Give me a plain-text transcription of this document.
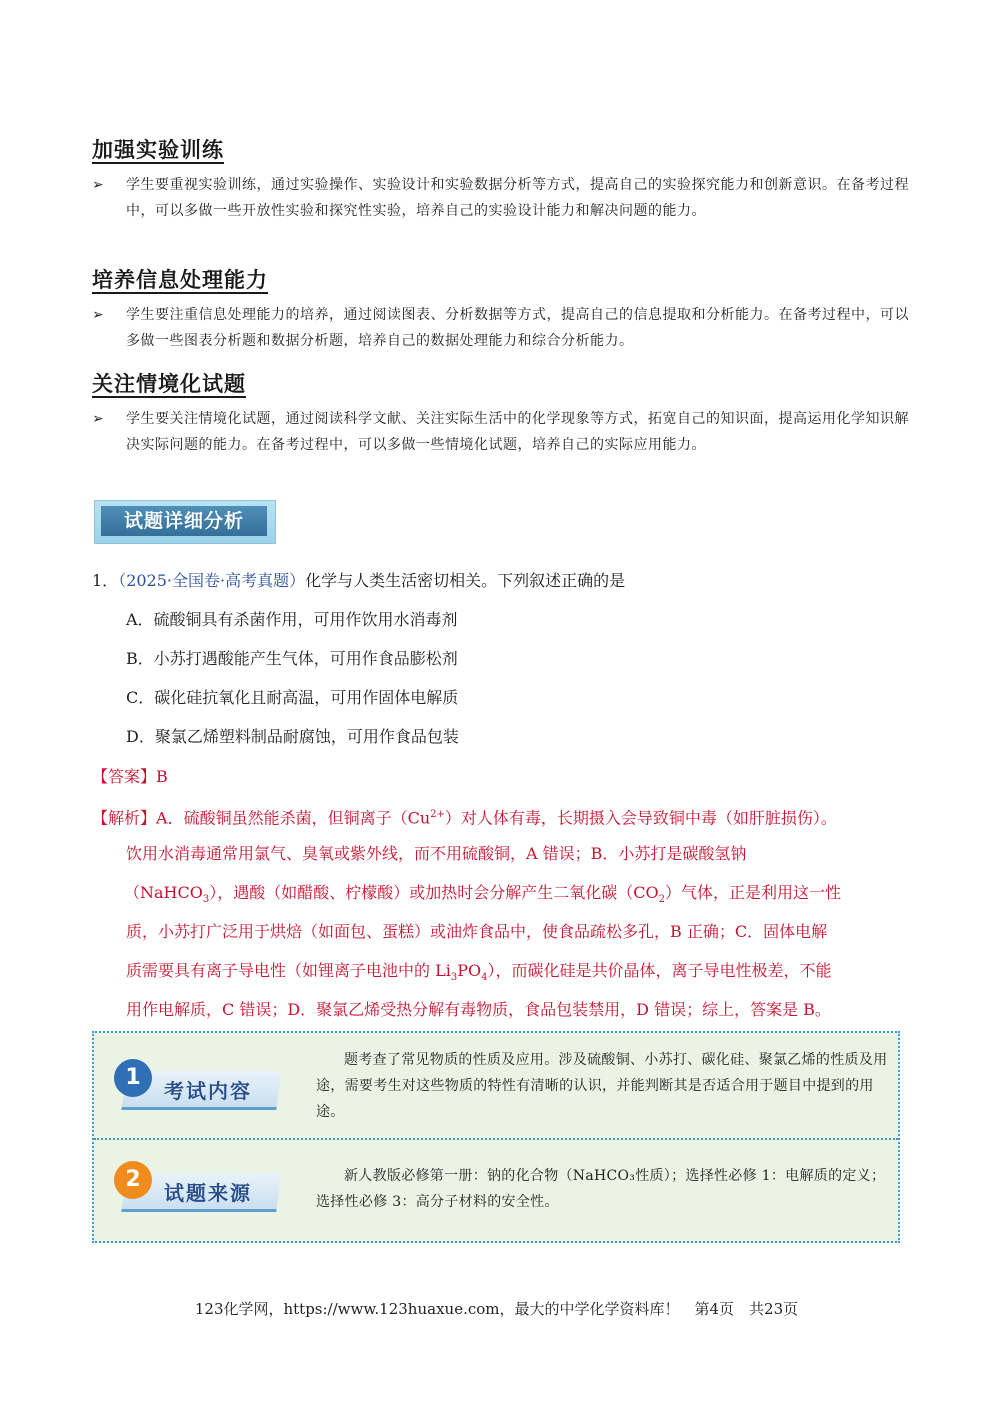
加强实验训练
➢	学生要重视实验训练，通过实验操作、实验设计和实验数据分析等方式，提高自己的实验探究能力和创新意识。在备考过程中，可以多做一些开放性实验和探究性实验，培养自己的实验设计能力和解决问题的能力。
培养信息处理能力
➢	学生要注重信息处理能力的培养，通过阅读图表、分析数据等方式，提高自己的信息提取和分析能力。在备考过程中，可以多做一些图表分析题和数据分析题，培养自己的数据处理能力和综合分析能力。
关注情境化试题
➢	学生要关注情境化试题，通过阅读科学文献、关注实际生活中的化学现象等方式，拓宽自己的知识面，提高运用化学知识解决实际问题的能力。在备考过程中，可以多做一些情境化试题，培养自己的实际应用能力。
试题详细分析
1．（2025·全国卷·高考真题）化学与人类生活密切相关。下列叙述正确的是
A．硫酸铜具有杀菌作用，可用作饮用水消毒剂
B．小苏打遇酸能产生气体，可用作食品膨松剂
C．碳化硅抗氧化且耐高温，可用作固体电解质
D．聚氯乙烯塑料制品耐腐蚀，可用作食品包装
【答案】B
【解析】A．硫酸铜虽然能杀菌，但铜离子$(Cu^{2+})$对人体有毒，长期摄入会导致铜中毒（如肝脏损伤）。
饮用水消毒通常用氯气、臭氧或紫外线，而不用硫酸铜，A 错误；B．小苏打是碳酸氢钠
（NaHCO$_3$），遇酸（如醋酸、柠檬酸）或加热时会分解产生二氧化碳$(CO_2)$气体，正是利用这一性
质，小苏打广泛用于烘焙（如面包、蛋糕）或油炸食品中，使食品疏松多孔，B 正确；C．固体电解
质需要具有离子导电性（如锂离子电池中的 $Li_3PO_4$），而碳化硅是共价晶体，离子导电性极差，不能
用作电解质，C 错误；D．聚氯乙烯受热分解有毒物质，食品包装禁用，D 错误；综上，答案是 B。
1
考试内容
题考查了常见物质的性质及应用。涉及硫酸铜、小苏打、碳化硅、聚氯乙烯的性质及用途，需要考生对这些物质的特性有清晰的认识，并能判断其是否适合用于题目中提到的用途。
2
试题来源
新人教版必修第一册：钠的化合物（NaHCO₃性质）；选择性必修 1：电解质的定义；选择性必修 3：高分子材料的安全性。
123化学网，https://www.123huaxue.com，最大的中学化学资料库！　第4页　共23页
